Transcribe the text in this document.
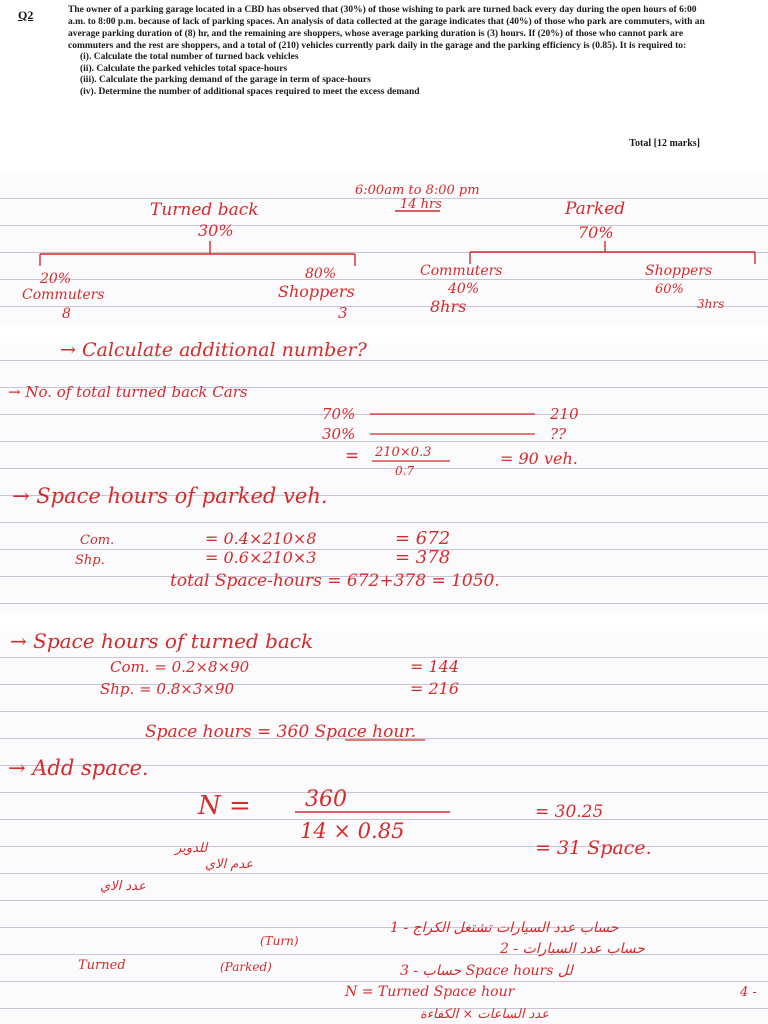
Q2	The owner of a parking garage located in a CBD has observed that (30%) of those wishing to park are turned back every day during the open hours of 6:00 a.m. to 8:00 p.m. because of lack of parking spaces. An analysis of data collected at the garage indicates that (40%) of those who park are commuters, with an average parking duration of (8) hr, and the remaining are shoppers, whose average parking duration is (3) hours. If (20%) of those who cannot park are commuters and the rest are shoppers, and a total of (210) vehicles currently park daily in the garage and the parking efficiency is (0.85). It is required to:
(i). Calculate the total number of turned back vehicles
(ii). Calculate the parked vehicles total space-hours
(iii). Calculate the parking demand of the garage in term of space-hours
(iv). Determine the number of additional spaces required to meet the excess demand
Total [12 marks]
6:00am to 8:00 pm
14 hrs
Turned back
30%
Parked
70%
20%
Commuters
8
80%
Shoppers
3
Commuters
40%
8hrs
Shoppers
60%
3hrs
→ Calculate additional number?
→ No. of total turned back Cars
70%	210
30%	??
= 210×0.3
0.7
= 90 veh.
→ Space hours of parked veh.
Com.	= 0.4×210×8	= 672
Shp.	= 0.6×210×3	= 378
total Space-hours = 672+378 = 1050.
→ Space hours of turned back
Com. = 0.2×8×90	= 144
Shp. = 0.8×3×90	= 216
Space hours = 360 Space hour.
→ Add space.
N = 360
14 × 0.85
= 30.25
= 31 Space.
للدوير
عدم الاي
عدد الاي
1 - حساب عدد السيارات تشتغل الكراج
2 - حساب عدد السيارات
(Turn)
3 - حساب Space hours لل
(Parked)
Turned
N = Turned Space hour
عدد الساعات × الكفاءة
4 -
